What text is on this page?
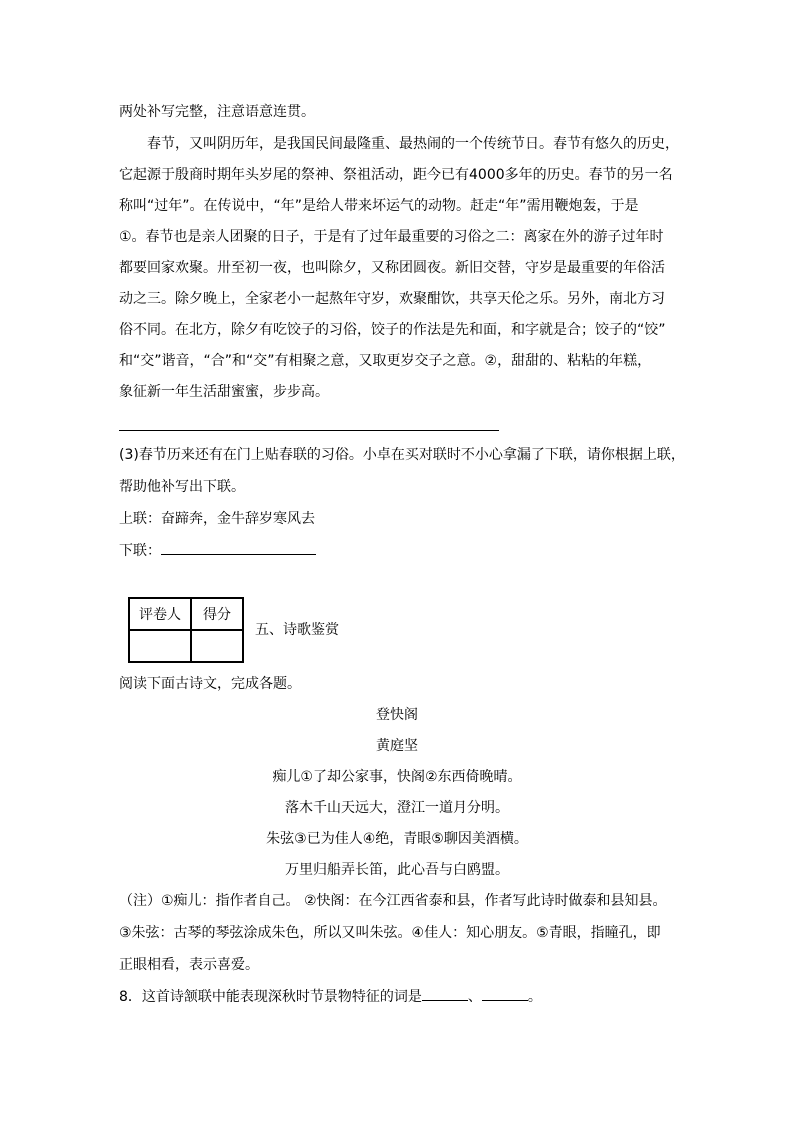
两处补写完整，注意语意连贯。
春节，又叫阴历年，是我国民间最隆重、最热闹的一个传统节日。春节有悠久的历史，
它起源于殷商时期年头岁尾的祭神、祭祖活动，距今已有4000多年的历史。春节的另一名
称叫“过年”。在传说中，“年”是给人带来坏运气的动物。赶走“年”需用鞭炮轰，于是
①。春节也是亲人团聚的日子，于是有了过年最重要的习俗之二：离家在外的游子过年时
都要回家欢聚。卅至初一夜，也叫除夕，又称团圆夜。新旧交替，守岁是最重要的年俗活
动之三。除夕晚上，全家老小一起熬年守岁，欢聚酣饮，共享天伦之乐。另外，南北方习
俗不同。在北方，除夕有吃饺子的习俗，饺子的作法是先和面，和字就是合；饺子的“饺”
和“交”谐音，“合”和“交”有相聚之意，又取更岁交子之意。②，甜甜的、粘粘的年糕，
象征新一年生活甜蜜蜜，步步高。
(3)春节历来还有在门上贴春联的习俗。小卓在买对联时不小心拿漏了下联，请你根据上联，
帮助他补写出下联。
上联：奋蹄奔，金牛辞岁寒风去
下联：
评卷人	得分

五、诗歌鉴赏
阅读下面古诗文，完成各题。
登快阁
黄庭坚
痴儿①了却公家事，快阁②东西倚晚晴。
落木千山天远大，澄江一道月分明。
朱弦③已为佳人④绝，青眼⑤聊因美酒横。
万里归船弄长笛，此心吾与白鸥盟。
（注）①痴儿：指作者自己。 ②快阁：在今江西省泰和县，作者写此诗时做泰和县知县。
③朱弦：古琴的琴弦涂成朱色，所以又叫朱弦。④佳人：知心朋友。⑤青眼，指瞳孔，即
正眼相看，表示喜爱。
8．这首诗颔联中能表现深秋时节景物特征的词是	、	。
